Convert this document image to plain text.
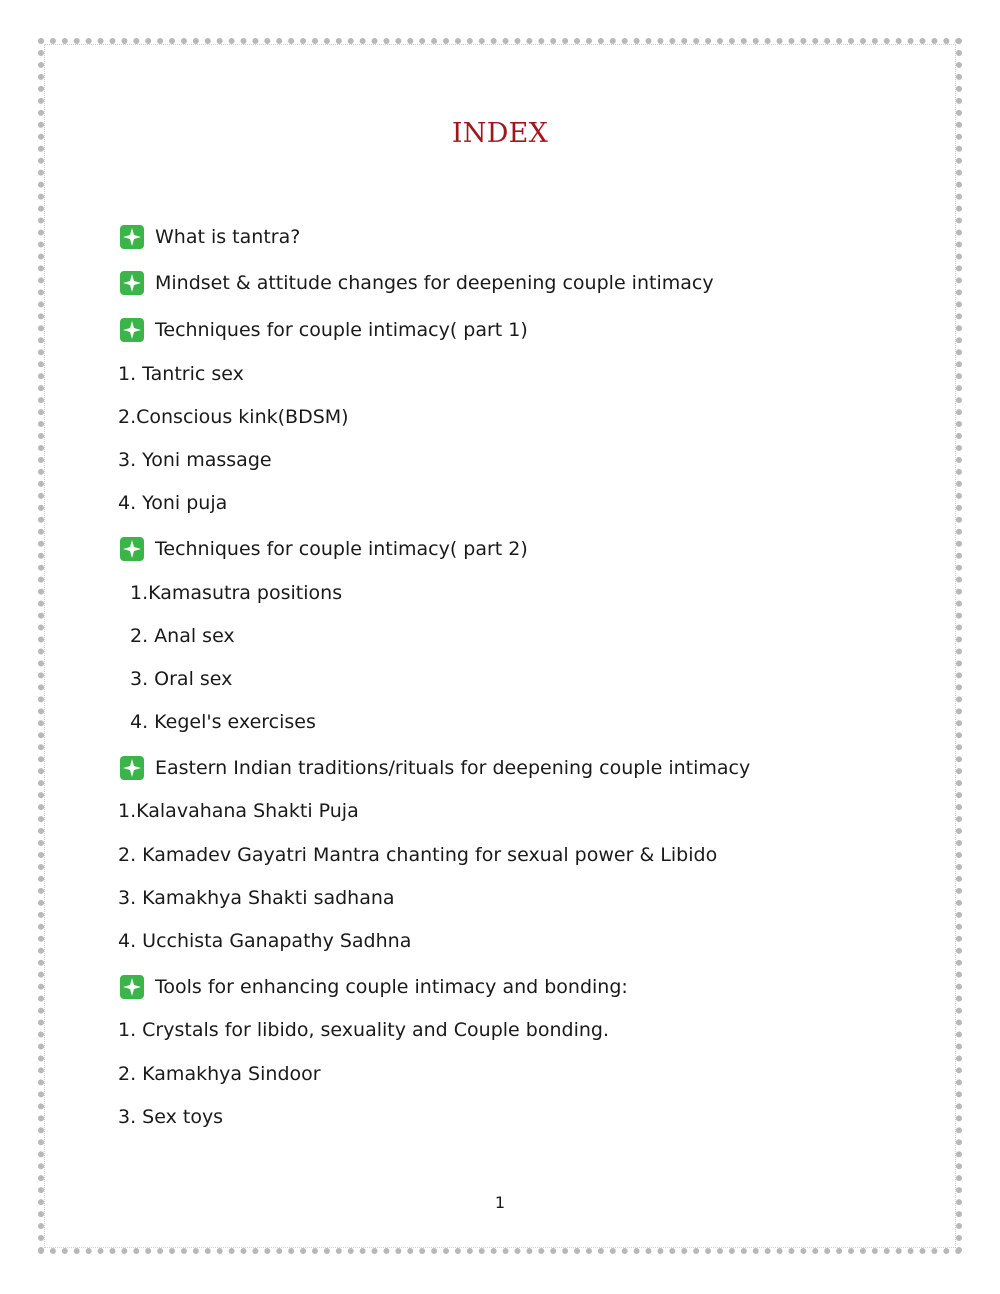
INDEX
What is tantra?
Mindset & attitude changes for deepening couple intimacy
Techniques for couple intimacy( part 1)
1. Tantric sex
2.Conscious kink(BDSM)
3. Yoni massage
4. Yoni puja
Techniques for couple intimacy( part 2)
1.Kamasutra positions
2. Anal sex
3. Oral sex
4. Kegel's exercises
Eastern Indian traditions/rituals for deepening couple intimacy
1.Kalavahana Shakti Puja
2. Kamadev Gayatri Mantra chanting for sexual power & Libido
3. Kamakhya Shakti sadhana
4. Ucchista Ganapathy Sadhna
Tools for enhancing couple intimacy and bonding:
1. Crystals for libido, sexuality and Couple bonding.
2. Kamakhya Sindoor
3. Sex toys
1
